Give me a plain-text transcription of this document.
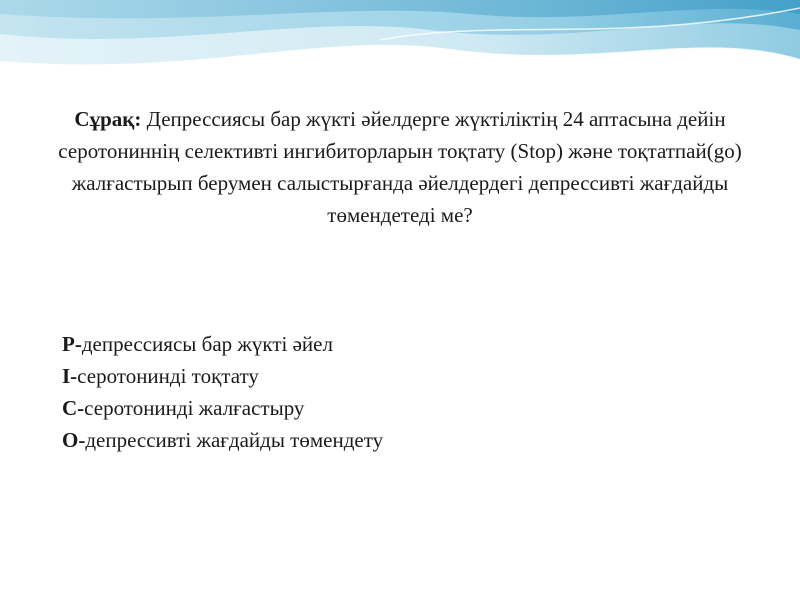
Сұрақ: Депрессиясы бар жүкті әйелдерге жүктіліктің 24 аптасына дейін серотониннің селективті ингибиторларын тоқтату (Stop) және тоқтатпай(go) жалғастырып берумен салыстырғанда әйелдердегі депрессивті жағдайды төмендетеді ме?
P-депрессиясы бар жүкті әйел
I-серотонинді тоқтату
C-серотонинді жалғастыру
O-депрессивті жағдайды төмендету
